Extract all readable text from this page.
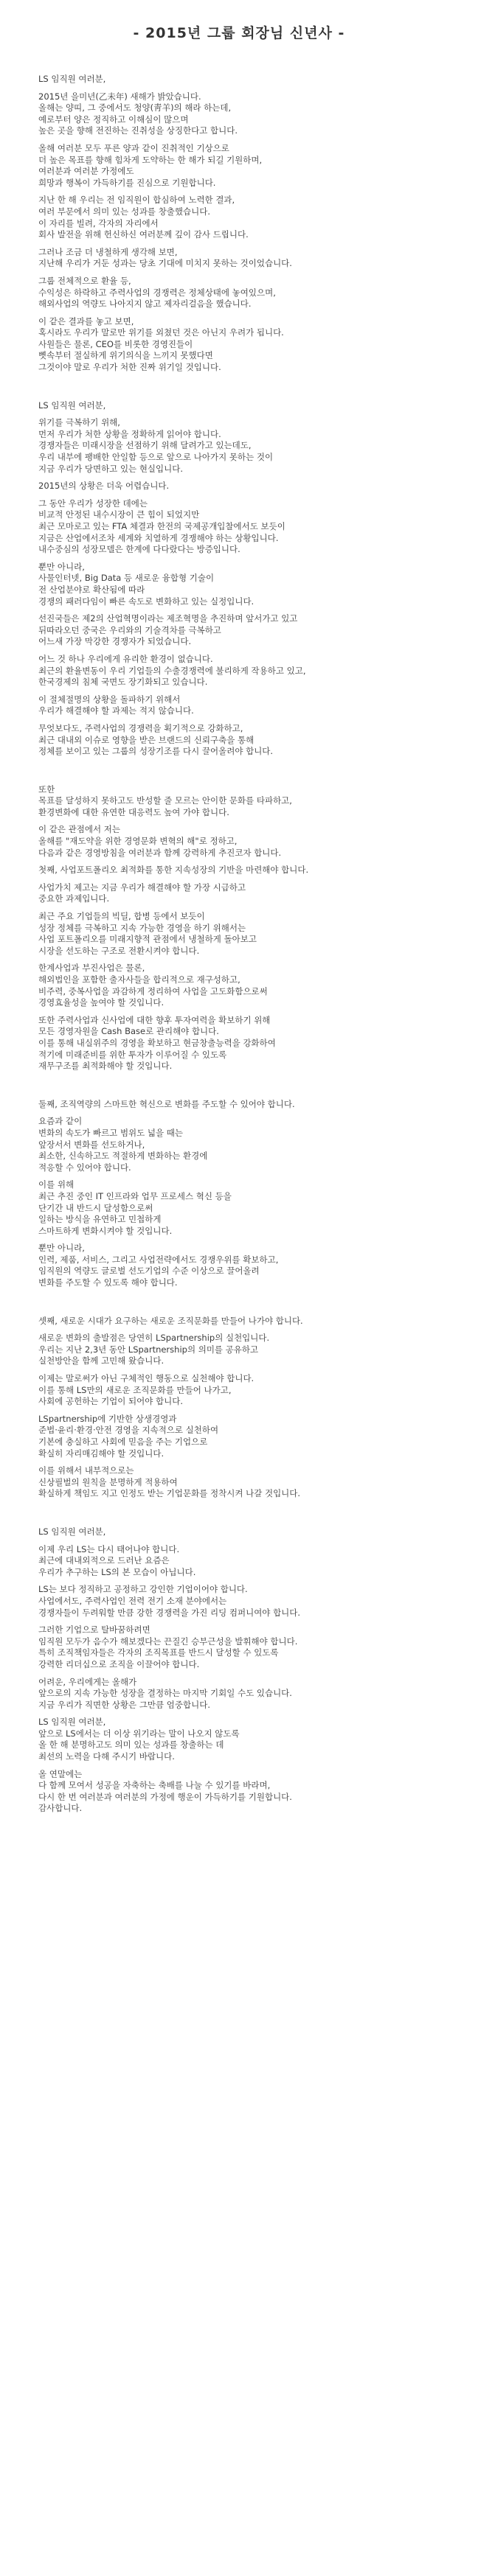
- 2015년 그룹 회장님 신년사 -

LS 임직원 여러분,

2015년 을미년(乙未年) 새해가 밝았습니다.
올해는 양띠, 그 중에서도 청양(靑羊)의 해라 하는데,
예로부터 양은 정직하고 이해심이 많으며
높은 곳을 향해 전진하는 진취성을 상징한다고 합니다.

올해 여러분 모두 푸른 양과 같이 진취적인 기상으로
더 높은 목표를 향해 힘차게 도약하는 한 해가 되길 기원하며,
여러분과 여러분 가정에도
희망과 행복이 가득하기를 진심으로 기원합니다.

지난 한 해 우리는 전 임직원이 합심하여 노력한 결과,
여러 부문에서 의미 있는 성과를 창출했습니다.
이 자리를 빌려, 각자의 자리에서
회사 발전을 위해 헌신하신 여러분께 깊이 감사 드립니다.

그러나 조금 더 냉철하게 생각해 보면,
지난해 우리가 거둔 성과는 당초 기대에 미치지 못하는 것이었습니다.

그룹 전체적으로 환율 등,
수익성은 하락하고 주력사업의 경쟁력은 정체상태에 놓여있으며,
해외사업의 역량도 나아지지 않고 제자리걸음을 했습니다.

이 같은 결과를 놓고 보면,
혹시라도 우리가 말로만 위기를 외쳤던 것은 아닌지 우려가 됩니다.
사원들은 물론, CEO를 비롯한 경영진들이
뼛속부터 절실하게 위기의식을 느끼지 못했다면
그것이야 말로 우리가 처한 진짜 위기일 것입니다.

LS 임직원 여러분,

위기를 극복하기 위해,
먼저 우리가 처한 상황을 정확하게 읽어야 합니다.
경쟁자들은 미래시장을 선점하기 위해 달려가고 있는데도,
우리 내부에 팽배한 안일함 등으로 앞으로 나아가지 못하는 것이
지금 우리가 당면하고 있는 현실입니다.

2015년의 상황은 더욱 어렵습니다.

그 동안 우리가 성장한 데에는
비교적 안정된 내수시장이 큰 힘이 되었지만
최근 모마로고 있는 FTA 체결과 한전의 국제공개입찰에서도 보듯이
지금은 산업에서조차 세계와 치열하게 경쟁해야 하는 상황입니다.
내수중심의 성장모델은 한계에 다다랐다는 방증입니다.

뿐만 아니라,
사물인터넷, Big Data 등 새로운 융합형 기술이
전 산업분야로 확산됨에 따라
경쟁의 패러다임이 빠른 속도로 변화하고 있는 실정입니다.

선진국들은 제2의 산업혁명이라는 제조혁명을 추진하며 앞서가고 있고
뒤따라오던 중국은 우리와의 기술격차를 극복하고
어느새 가장 막강한 경쟁자가 되었습니다.

어느 것 하나 우리에게 유리한 환경이 없습니다.
최근의 환율변동이 우리 기업들의 수출경쟁력에 불리하게 작용하고 있고,
한국경제의 침체 국면도 장기화되고 있습니다.

이 절체절명의 상황을 돌파하기 위해서
우리가 해결해야 할 과제는 적지 않습니다.

무엇보다도, 주력사업의 경쟁력을 획기적으로 강화하고,
최근 대내외 이슈로 영향을 받은 브랜드의 신뢰구축을 통해
정체를 보이고 있는 그룹의 성장기조를 다시 끌어올려야 합니다.

또한
목표를 달성하지 못하고도 반성할 줄 모르는 안이한 문화를 타파하고,
환경변화에 대한 유연한 대응력도 높여 가야 합니다.

이 같은 관점에서 저는
올해를 "재도약을 위한 경영문화 변혁의 해"로 정하고,
다음과 같은 경영방침을 여러분과 함께 강력하게 추진코자 합니다.

첫째, 사업포트폴리오 최적화를 통한 지속성장의 기반을 마련해야 합니다.

사업가치 제고는 지금 우리가 해결해야 할 가장 시급하고
중요한 과제입니다.

최근 주요 기업들의 빅딜, 합병 등에서 보듯이
성장 정체를 극복하고 지속 가능한 경영을 하기 위해서는
사업 포트폴리오를 미래지향적 관점에서 냉철하게 돌아보고
시장을 선도하는 구조로 전환시켜야 합니다.

한계사업과 부진사업은 물론,
해외법인을 포함한 출자사들을 합리적으로 재구성하고,
비주력, 중복사업을 과감하게 정리하여 사업을 고도화함으로써
경영효율성을 높여야 할 것입니다.

또한 주력사업과 신사업에 대한 향후 투자여력을 확보하기 위해
모든 경영자원을 Cash Base로 관리해야 합니다.
이를 통해 내실위주의 경영을 확보하고 현금창출능력을 강화하여
적기에 미래준비를 위한 투자가 이루어질 수 있도록
재무구조를 최적화해야 할 것입니다.

둘째, 조직역량의 스마트한 혁신으로 변화를 주도할 수 있어야 합니다.

요즘과 같이
변화의 속도가 빠르고 범위도 넓을 때는
앞장서서 변화를 선도하거나,
최소한, 신속하고도 적절하게 변화하는 환경에
적응할 수 있어야 합니다.

이를 위해
최근 추진 중인 IT 인프라와 업무 프로세스 혁신 등을
단기간 내 반드시 달성함으로써
일하는 방식을 유연하고 민첩하게
스마트하게 변화시켜야 할 것입니다.

뿐만 아니라,
인력, 제품, 서비스, 그리고 사업전략에서도 경쟁우위를 확보하고,
임직원의 역량도 글로벌 선도기업의 수준 이상으로 끌어올려
변화를 주도할 수 있도록 해야 합니다.

셋째, 새로운 시대가 요구하는 새로운 조직문화를 만들어 나가야 합니다.

새로운 변화의 출발점은 당연히 LSpartnership의 실천입니다.
우리는 지난 2,3년 동안 LSpartnership의 의미를 공유하고
실천방안을 함께 고민해 왔습니다.

이제는 말로써가 아닌 구체적인 행동으로 실천해야 합니다.
이를 통해 LS만의 새로운 조직문화를 만들어 나가고,
사회에 공헌하는 기업이 되어야 합니다.

LSpartnership에 기반한 상생경영과
준법·윤리·환경·안전 경영을 지속적으로 실천하여
기본에 충실하고 사회에 믿음을 주는 기업으로
확실히 자리매김해야 할 것입니다.

이를 위해서 내부적으로는
신상필벌의 원칙을 분명하게 적용하여
확실하게 책임도 지고 인정도 받는 기업문화를 정착시켜 나갈 것입니다.

LS 임직원 여러분,

이제 우리 LS는 다시 태어나야 합니다.
최근에 대내외적으로 드러난 요즘은
우리가 추구하는 LS의 본 모습이 아닙니다.

LS는 보다 정직하고 공정하고 강인한 기업이어야 합니다.
사업에서도, 주력사업인 전력 전기 소재 분야에서는
경쟁자들이 두려워할 만큼 강한 경쟁력을 가진 리딩 컴퍼니여야 합니다.

그러한 기업으로 탈바꿈하려면
임직원 모두가 음수가 해보겠다는 끈질긴 승부근성을 발휘해야 합니다.
특히 조직책임자들은 각자의 조직목표를 반드시 달성할 수 있도록
강력한 리더십으로 조직을 이끌어야 합니다.

어려운, 우리에게는 올해가
앞으로의 지속 가능한 성장을 결정하는 마지막 기회일 수도 있습니다.
지금 우리가 직면한 상황은 그만큼 엄중합니다.

LS 임직원 여러분,
앞으로 LS에서는 더 이상 위기라는 말이 나오지 않도록
올 한 해 분명하고도 의미 있는 성과를 창출하는 데
최선의 노력을 다해 주시기 바랍니다.

올 연말에는
다 함께 모여서 성공을 자축하는 축배를 나눌 수 있기를 바라며,
다시 한 번 여러분과 여러분의 가정에 행운이 가득하기를 기원합니다.
감사합니다.
